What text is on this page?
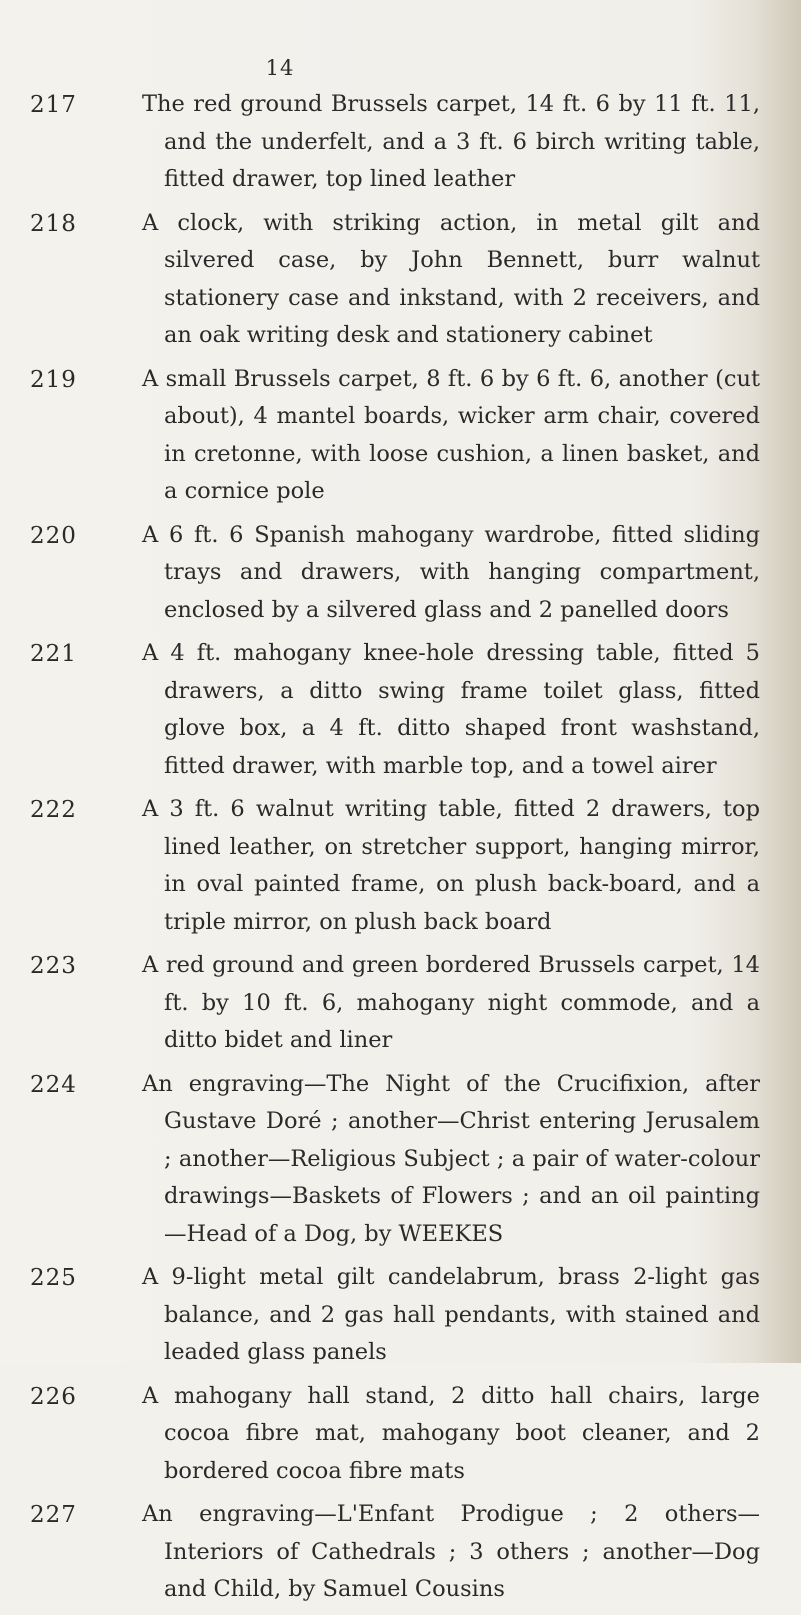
14
217	The red ground Brussels carpet, 14 ft. 6 by 11 ft. 11, and the underfelt, and a 3 ft. 6 birch writing table, fitted drawer, top lined leather

218	A clock, with striking action, in metal gilt and silvered case, by John Bennett, burr walnut stationery case and inkstand, with 2 receivers, and an oak writing desk and stationery cabinet

219	A small Brussels carpet, 8 ft. 6 by 6 ft. 6, another (cut about), 4 mantel boards, wicker arm chair, covered in cretonne, with loose cushion, a linen basket, and a cornice pole

220	A 6 ft. 6 Spanish mahogany wardrobe, fitted sliding trays and drawers, with hanging compartment, enclosed by a silvered glass and 2 panelled doors

221	A 4 ft. mahogany knee-hole dressing table, fitted 5 drawers, a ditto swing frame toilet glass, fitted glove box, a 4 ft. ditto shaped front washstand, fitted drawer, with marble top, and a towel airer

222	A 3 ft. 6 walnut writing table, fitted 2 drawers, top lined leather, on stretcher support, hanging mirror, in oval painted frame, on plush back-board, and a triple mirror, on plush back board

223	A red ground and green bordered Brussels carpet, 14 ft. by 10 ft. 6, mahogany night commode, and a ditto bidet and liner

224	An engraving—The Night of the Crucifixion, after Gustave Doré ; another—Christ entering Jerusalem ; another—Religious Subject ; a pair of water-colour drawings—Baskets of Flowers ; and an oil painting—Head of a Dog, by WEEKES

225	A 9-light metal gilt candelabrum, brass 2-light gas balance, and 2 gas hall pendants, with stained and leaded glass panels

226	A mahogany hall stand, 2 ditto hall chairs, large cocoa fibre mat, mahogany boot cleaner, and 2 bordered cocoa fibre mats

227	An engraving—L'Enfant Prodigue ; 2 others—Interiors of Cathedrals ; 3 others ; another—Dog and Child, by Samuel Cousins
